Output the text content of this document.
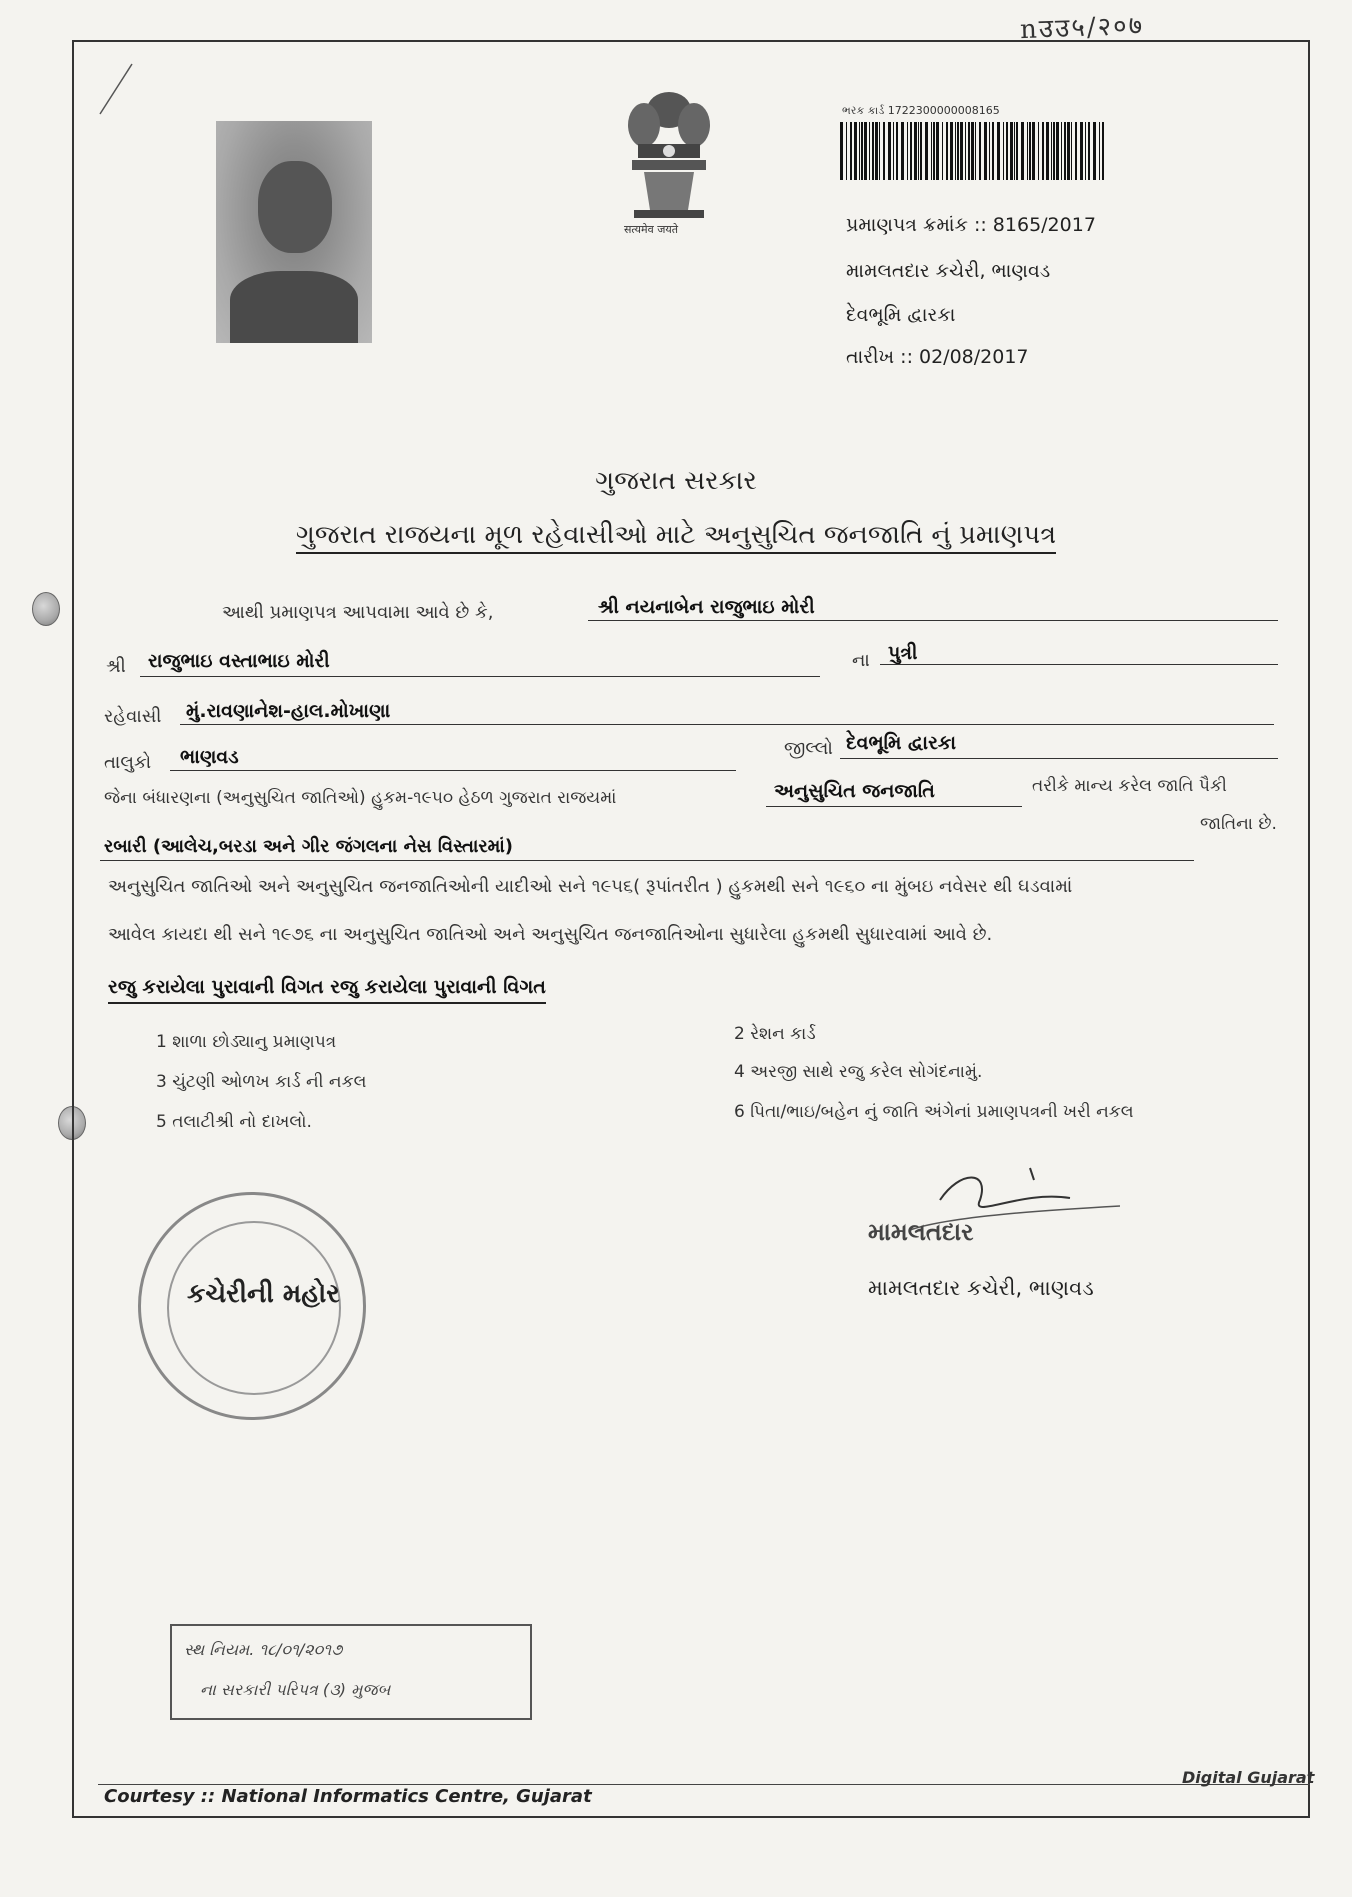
nउउ५/२०७
सत्यमेव जयते
ભરક કાર્ડ 1722300000008165
પ્રમાણપત્ર ક્રમાંક :: 8165/2017
મામલતદાર કચેરી, ભાણવડ
દેવભૂમિ દ્વારકા
તારીખ :: 02/08/2017
ગુજરાત સરકાર
ગુજરાત રાજયના મૂળ રહેવાસીઓ માટે અનુસુચિત જનજાતિ નું પ્રમાણપત્ર
આથી પ્રમાણપત્ર આપવામા આવે છે કે,	શ્રી નયનાબેન રાજુભાઇ મોરી
શ્રી રાજુભાઇ વસ્તાભાઇ મોરી	ના પુત્રી
રહેવાસી મું.રાવણાનેશ-હાલ.મોખાણા
તાલુકો ભાણવડ	જીલ્લો દેવભૂમિ દ્વારકા
જેના બંધારણના (અનુસુચિત જાતિઓ) હુકમ-૧૯૫૦ હેઠળ ગુજરાત રાજયમાં	અનુસુચિત જનજાતિ	તરીકે માન્ય કરેલ જાતિ પૈકી
રબારી (આલેચ,બરડા અને ગીર જંગલના નેસ વિસ્તારમાં)
જાતિના છે.
અનુસુચિત જાતિઓ અને અનુસુચિત જનજાતિઓની યાદીઓ સને ૧૯૫૬( રૂપાંતરીત ) હુકમથી સને ૧૯૬૦ ના મુંબઇ નવેસર થી ઘડવામાં
આવેલ કાયદા થી સને ૧૯૭૬ ના અનુસુચિત જાતિઓ અને અનુસુચિત જનજાતિઓના સુધારેલા હુકમથી સુધારવામાં આવે છે.
રજુ કરાયેલા પુરાવાની વિગત રજુ કરાયેલા પુરાવાની વિગત
1 શાળા છોડ્યાનુ પ્રમાણપત્ર	2 રેશન કાર્ડ
3 ચુંટણી ઓળખ કાર્ડ ની નકલ	4 અરજી સાથે રજુ કરેલ સોગંદનામું.
5 તલાટીશ્રી નો દાખલો.	6 પિતા/ભાઇ/બહેન નું જાતિ અંગેનાં પ્રમાણપત્રની ખરી નકલ
કચેરીની મહોર
મામલતદાર
મામલતદાર કચેરી, ભાણવડ
સ્થ નિયમ. ૧૮/૦૧/૨૦૧૭
ના સરકારી પરિપત્ર (૩) મુજબ
Courtesy :: National Informatics Centre, Gujarat
Digital Gujarat
